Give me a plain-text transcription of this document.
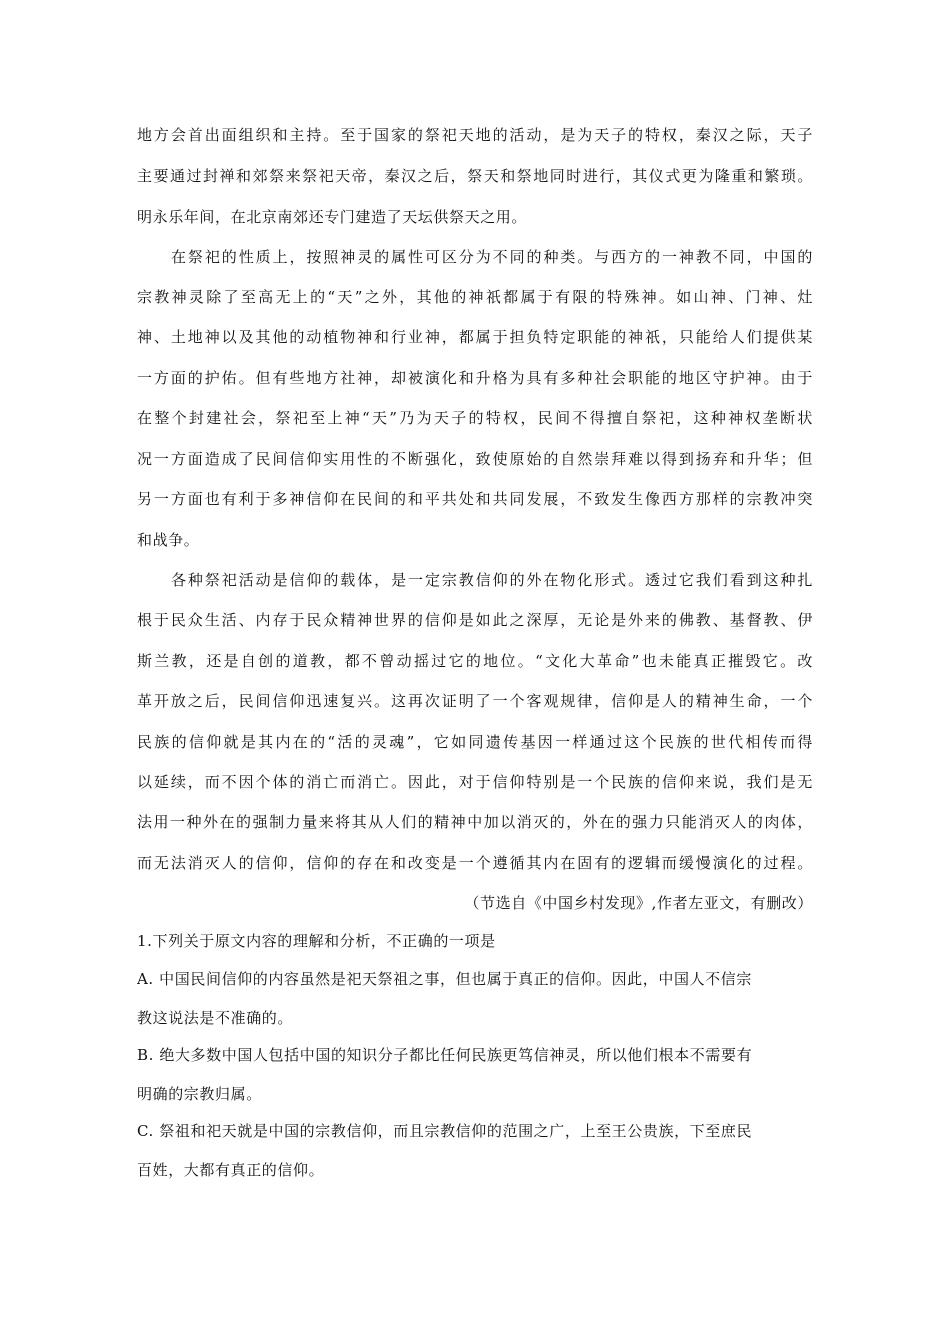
地方会首出面组织和主持。至于国家的祭祀天地的活动，是为天子的特权，秦汉之际，天子
主要通过封禅和郊祭来祭祀天帝，秦汉之后，祭天和祭地同时进行，其仪式更为隆重和繁琐。
明永乐年间，在北京南郊还专门建造了天坛供祭天之用。
在祭祀的性质上，按照神灵的属性可区分为不同的种类。与西方的一神教不同，中国的
宗教神灵除了至高无上的“天”之外，其他的神祇都属于有限的特殊神。如山神、门神、灶
神、土地神以及其他的动植物神和行业神，都属于担负特定职能的神祇，只能给人们提供某
一方面的护佑。但有些地方社神，却被演化和升格为具有多种社会职能的地区守护神。由于
在整个封建社会，祭祀至上神“天”乃为天子的特权，民间不得擅自祭祀，这种神权垄断状
况一方面造成了民间信仰实用性的不断强化，致使原始的自然崇拜难以得到扬弃和升华；但
另一方面也有利于多神信仰在民间的和平共处和共同发展，不致发生像西方那样的宗教冲突
和战争。
各种祭祀活动是信仰的载体，是一定宗教信仰的外在物化形式。透过它我们看到这种扎
根于民众生活、内存于民众精神世界的信仰是如此之深厚，无论是外来的佛教、基督教、伊
斯兰教，还是自创的道教，都不曾动摇过它的地位。“文化大革命”也未能真正摧毁它。改
革开放之后，民间信仰迅速复兴。这再次证明了一个客观规律，信仰是人的精神生命，一个
民族的信仰就是其内在的“活的灵魂”，它如同遗传基因一样通过这个民族的世代相传而得
以延续，而不因个体的消亡而消亡。因此，对于信仰特别是一个民族的信仰来说，我们是无
法用一种外在的强制力量来将其从人们的精神中加以消灭的，外在的强力只能消灭人的肉体，
而无法消灭人的信仰，信仰的存在和改变是一个遵循其内在固有的逻辑而缓慢演化的过程。
（节选自《中国乡村发现》,作者左亚文，有删改）
1.下列关于原文内容的理解和分析，不正确的一项是
A. 中国民间信仰的内容虽然是祀天祭祖之事，但也属于真正的信仰。因此，中国人不信宗
教这说法是不准确的。
B. 绝大多数中国人包括中国的知识分子都比任何民族更笃信神灵，所以他们根本不需要有
明确的宗教归属。
C. 祭祖和祀天就是中国的宗教信仰，而且宗教信仰的范围之广，上至王公贵族，下至庶民
百姓，大都有真正的信仰。
